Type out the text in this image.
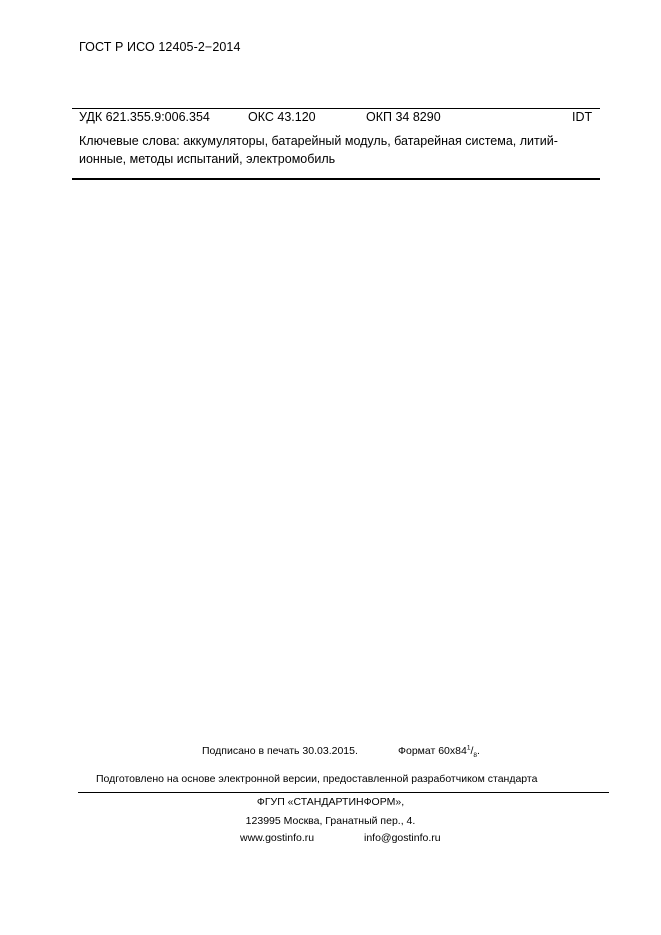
ГОСТ Р ИСО 12405-2−2014
УДК 621.355.9:006.354	ОКС 43.120	ОКП 34 8290	IDT
Ключевые слова: аккумуляторы, батарейный модуль, батарейная система, литий-ионные, методы испытаний, электромобиль
Подписано в печать 30.03.2015.	Формат $60x84^1/_8$.
Подготовлено на основе электронной версии, предоставленной разработчиком стандарта
ФГУП «СТАНДАРТИНФОРМ»,
123995 Москва, Гранатный пер., 4.
www.gostinfo.ru	info@gostinfo.ru
